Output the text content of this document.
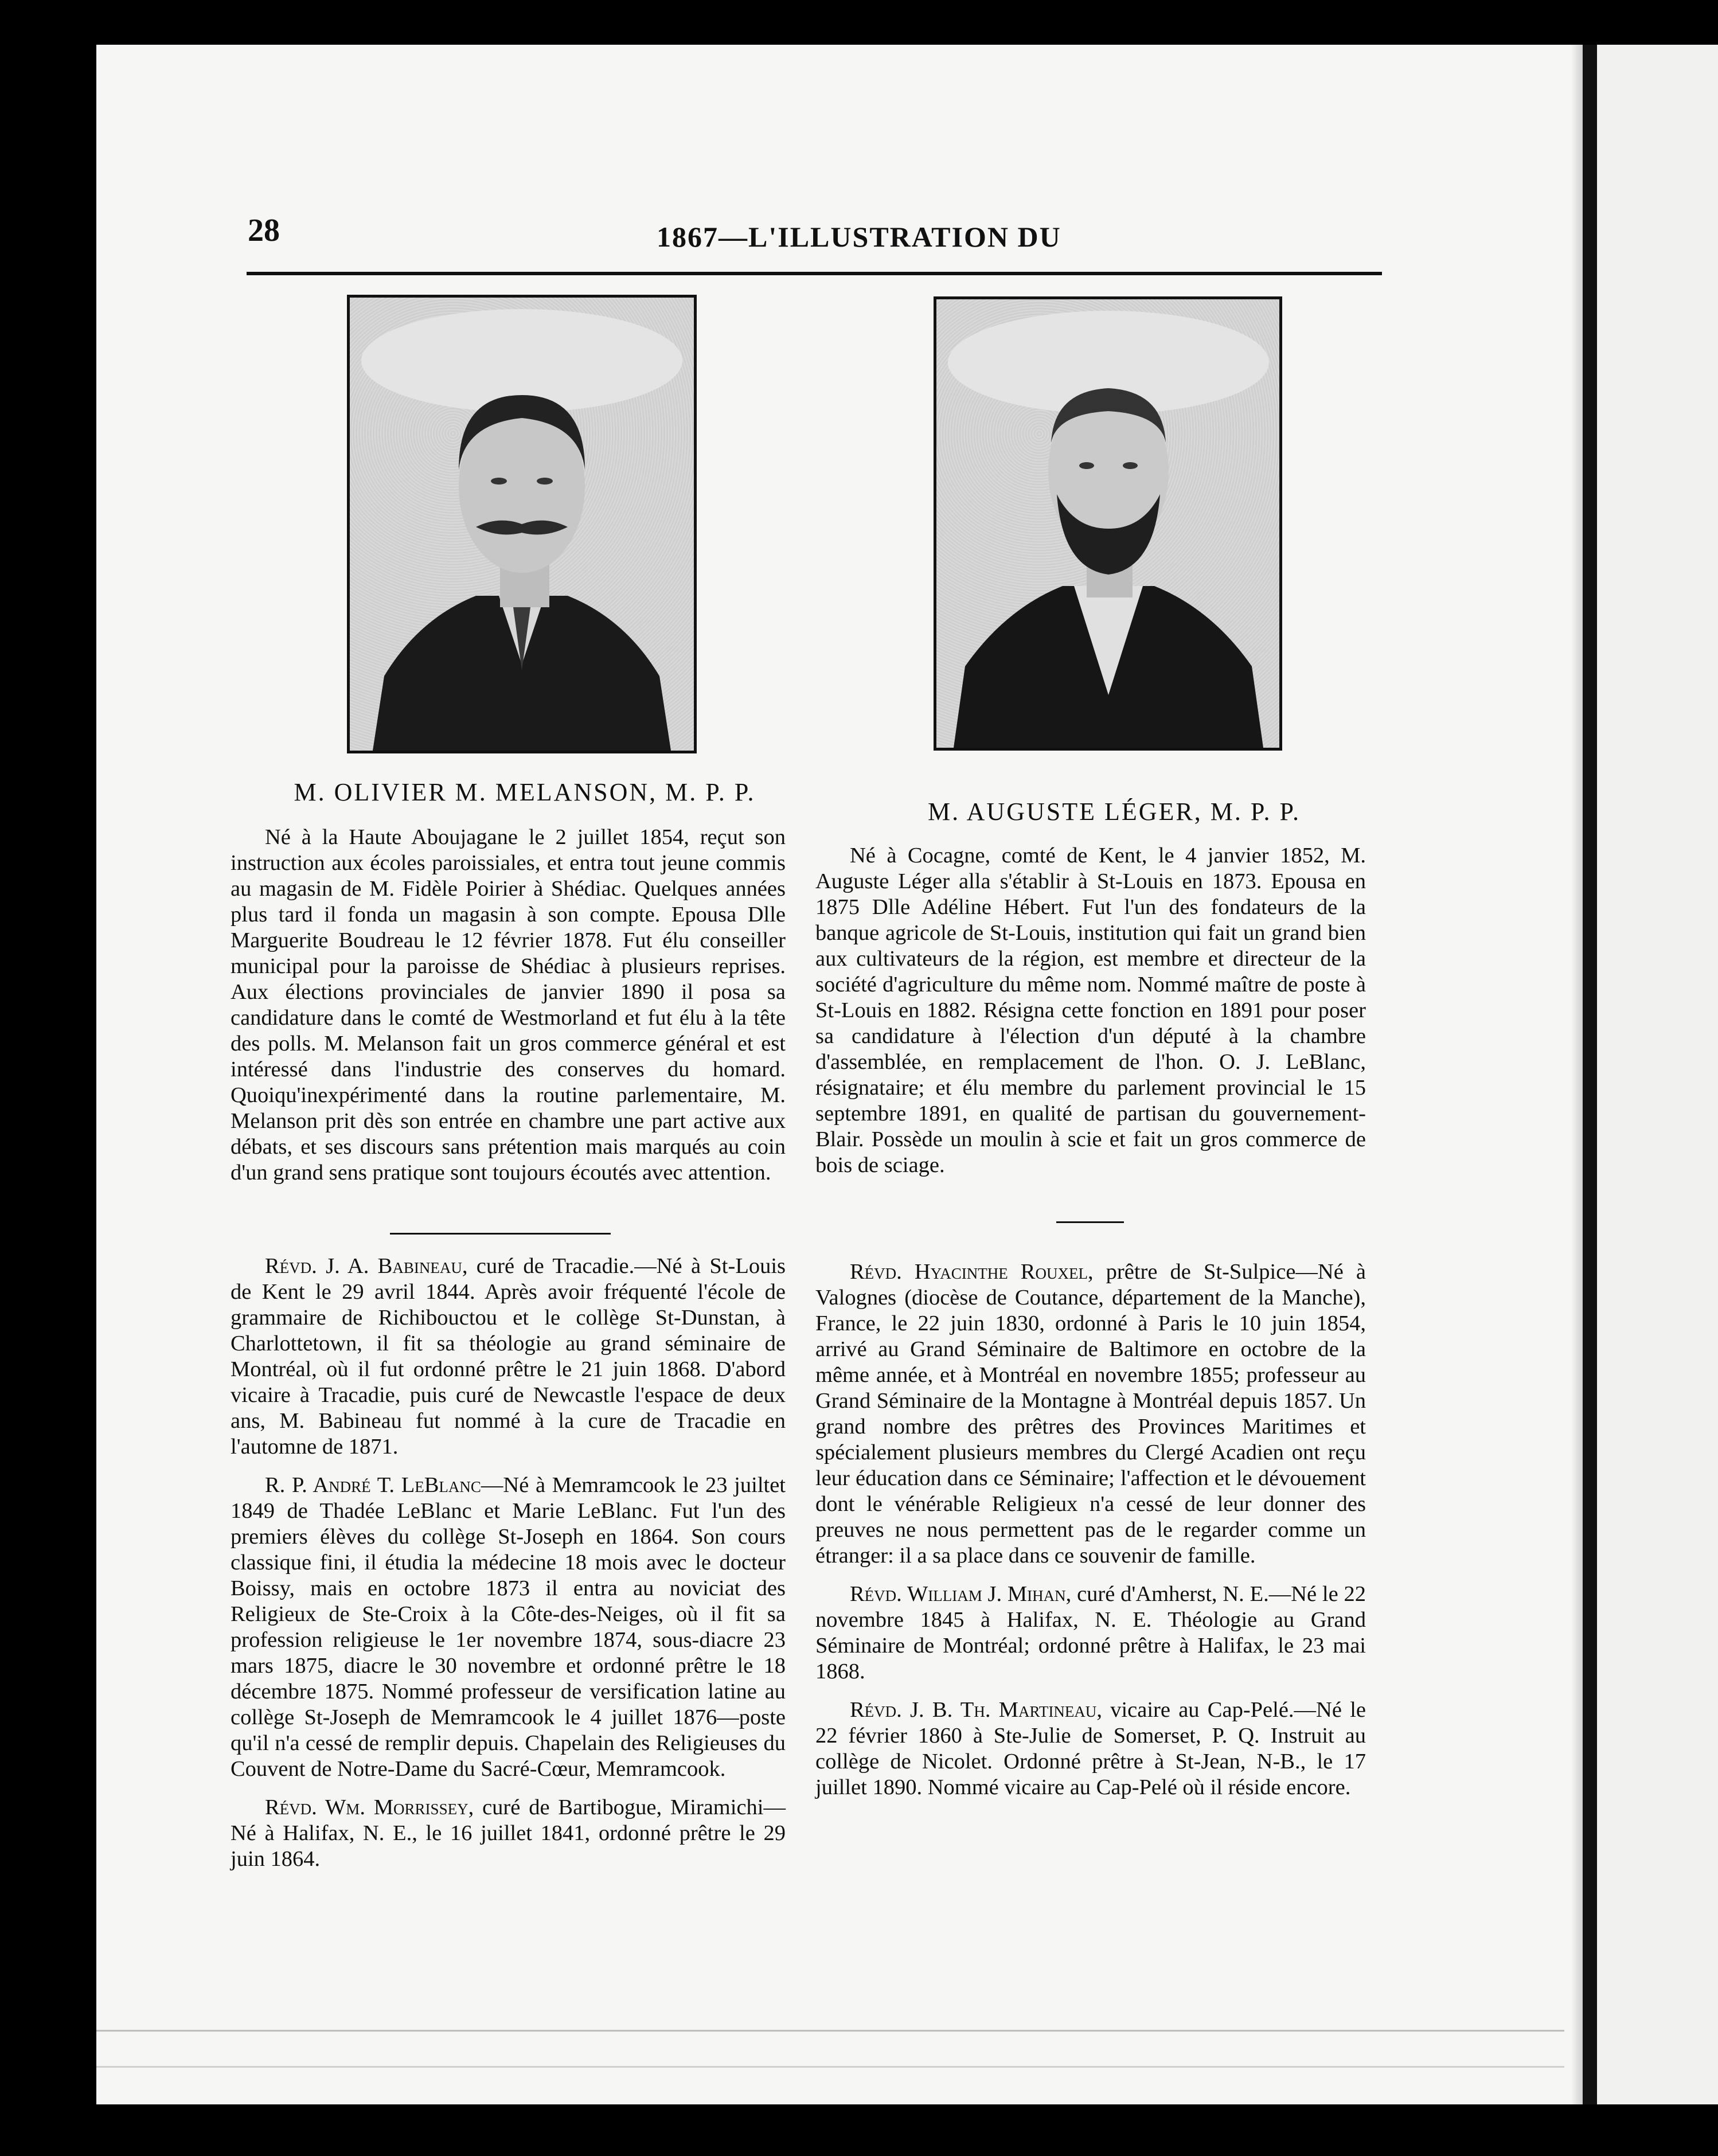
28	1867—L'ILLUSTRATION DU
M. OLIVIER M. MELANSON, M. P. P.
M. AUGUSTE LÉGER, M. P. P.

Né à la Haute Aboujagane le 2 juillet 1854, reçut son instruction aux écoles paroissiales, et entra tout jeune commis au magasin de M. Fidèle Poirier à Shédiac. Quelques années plus tard il fonda un magasin à son compte. Epousa Dlle Marguerite Boudreau le 12 février 1878. Fut élu conseiller municipal pour la paroisse de Shédiac à plusieurs reprises. Aux élections provinciales de janvier 1890 il posa sa candidature dans le comté de Westmorland et fut élu à la tête des polls. M. Melanson fait un gros commerce général et est intéressé dans l'industrie des conserves du homard. Quoiqu'inexpérimenté dans la routine parlementaire, M. Melanson prit dès son entrée en chambre une part active aux débats, et ses discours sans prétention mais marqués au coin d'un grand sens pratique sont toujours écoutés avec attention.

Révd. J. A. Babineau, curé de Tracadie.—Né à St-Louis de Kent le 29 avril 1844. Après avoir fréquenté l'école de grammaire de Richibouctou et le collège St-Dunstan, à Charlottetown, il fit sa théologie au grand séminaire de Montréal, où il fut ordonné prêtre le 21 juin 1868. D'abord vicaire à Tracadie, puis curé de Newcastle l'espace de deux ans, M. Babineau fut nommé à la cure de Tracadie en l'automne de 1871.

R. P. André T. LeBlanc—Né à Memramcook le 23 juiltet 1849 de Thadée LeBlanc et Marie LeBlanc. Fut l'un des premiers élèves du collège St-Joseph en 1864. Son cours classique fini, il étudia la médecine 18 mois avec le docteur Boissy, mais en octobre 1873 il entra au noviciat des Religieux de Ste-Croix à la Côte-des-Neiges, où il fit sa profession religieuse le 1er novembre 1874, sous-diacre 23 mars 1875, diacre le 30 novembre et ordonné prêtre le 18 décembre 1875. Nommé professeur de versification latine au collège St-Joseph de Memramcook le 4 juillet 1876—poste qu'il n'a cessé de remplir depuis. Chapelain des Religieuses du Couvent de Notre-Dame du Sacré-Cœur, Memramcook.

Révd. Wm. Morrissey, curé de Bartibogue, Miramichi—Né à Halifax, N. E., le 16 juillet 1841, ordonné prêtre le 29 juin 1864.

Né à Cocagne, comté de Kent, le 4 janvier 1852, M. Auguste Léger alla s'établir à St-Louis en 1873. Epousa en 1875 Dlle Adéline Hébert. Fut l'un des fondateurs de la banque agricole de St-Louis, institution qui fait un grand bien aux cultivateurs de la région, est membre et directeur de la société d'agriculture du même nom. Nommé maître de poste à St-Louis en 1882. Résigna cette fonction en 1891 pour poser sa candidature à l'élection d'un député à la chambre d'assemblée, en remplacement de l'hon. O. J. LeBlanc, résignataire; et élu membre du parlement provincial le 15 septembre 1891, en qualité de partisan du gouvernement-Blair. Possède un moulin à scie et fait un gros commerce de bois de sciage.

Révd. Hyacinthe Rouxel, prêtre de St-Sulpice—Né à Valognes (diocèse de Coutance, département de la Manche), France, le 22 juin 1830, ordonné à Paris le 10 juin 1854, arrivé au Grand Séminaire de Baltimore en octobre de la même année, et à Montréal en novembre 1855; professeur au Grand Séminaire de la Montagne à Montréal depuis 1857. Un grand nombre des prêtres des Provinces Maritimes et spécialement plusieurs membres du Clergé Acadien ont reçu leur éducation dans ce Séminaire; l'affection et le dévouement dont le vénérable Religieux n'a cessé de leur donner des preuves ne nous permettent pas de le regarder comme un étranger: il a sa place dans ce souvenir de famille.

Révd. William J. Mihan, curé d'Amherst, N. E.—Né le 22 novembre 1845 à Halifax, N. E. Théologie au Grand Séminaire de Montréal; ordonné prêtre à Halifax, le 23 mai 1868.

Révd. J. B. Th. Martineau, vicaire au Cap-Pelé.—Né le 22 février 1860 à Ste-Julie de Somerset, P. Q. Instruit au collège de Nicolet. Ordonné prêtre à St-Jean, N-B., le 17 juillet 1890. Nommé vicaire au Cap-Pelé où il réside encore.
